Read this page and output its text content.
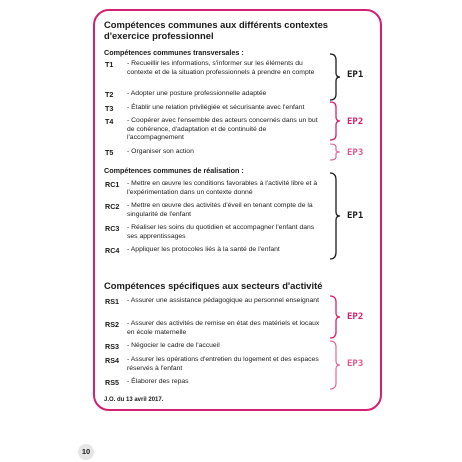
Compétences communes aux différents contextes
d'exercice professionnel
Compétences communes transversales :
T1 - Recueillir les informations, s'informer sur les éléments du contexte et de la situation professionnels à prendre en compte
T2 - Adopter une posture professionnelle adaptée
T3 - Établir une relation privilégiée et sécurisante avec l'enfant
T4 - Coopérer avec l'ensemble des acteurs concernés dans un but de cohérence, d'adaptation et de continuité de l'accompagnement
T5 - Organiser son action
Compétences communes de réalisation :
RC1 - Mettre en œuvre les conditions favorables à l'activité libre et à l'expérimentation dans un contexte donné
RC2 - Mettre en œuvre des activités d'éveil en tenant compte de la singularité de l'enfant
RC3 - Réaliser les soins du quotidien et accompagner l'enfant dans ses apprentissages
RC4 - Appliquer les protocoles liés à la santé de l'enfant
Compétences spécifiques aux secteurs d'activité
RS1 - Assurer une assistance pédagogique au personnel enseignant
RS2 - Assurer des activités de remise en état des matériels et locaux en école maternelle
RS3 - Négocier le cadre de l'accueil
RS4 - Assurer les opérations d'entretien du logement et des espaces réservés à l'enfant
RS5 - Élaborer des repas
EP1
EP2
EP3
EP1
EP2
EP3
J.O. du 13 avril 2017.
10
